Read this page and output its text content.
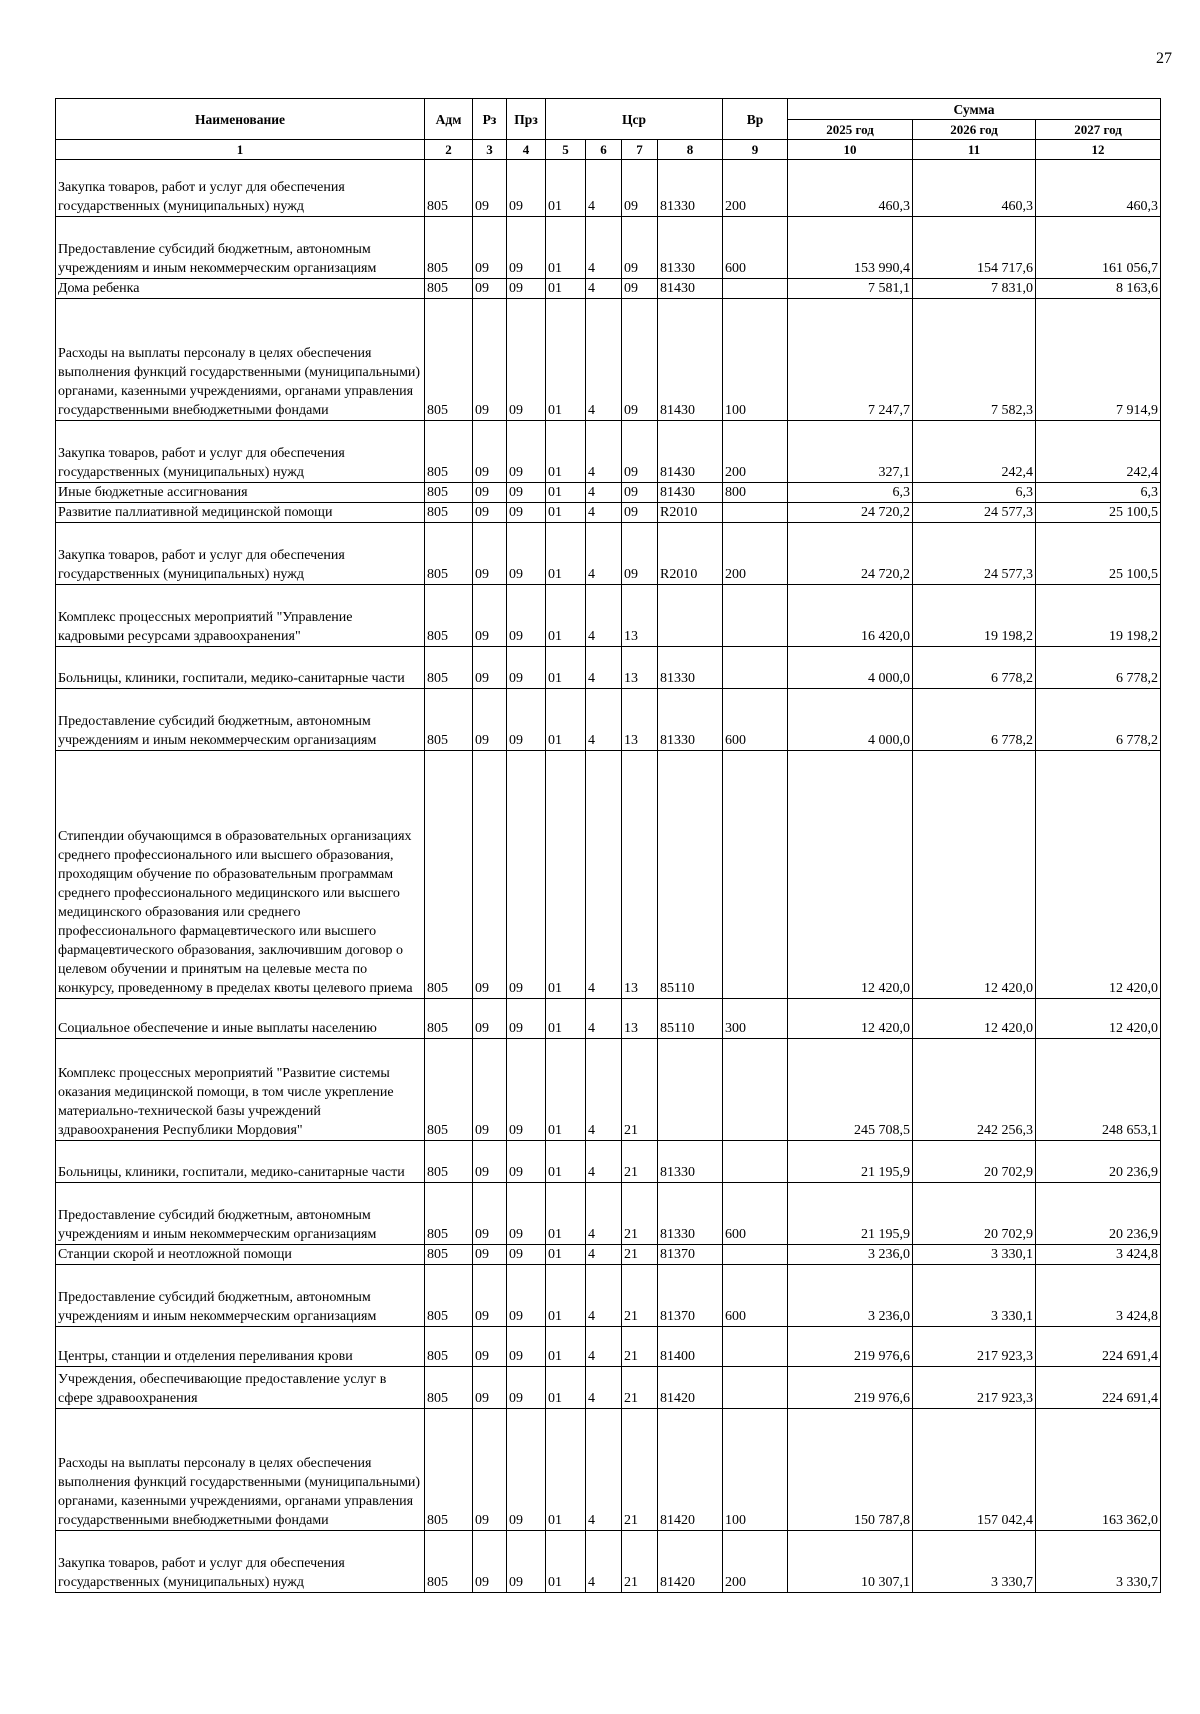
27
Наименование	Адм	Рз	Прз	Цср				Вр	Сумма		
									2025 год	2026 год	2027 год
1	2	3	4	5	6	7	8	9	10	11	12
Закупка товаров, работ и услуг для обеспечения государственных (муниципальных) нужд	805	09	09	01	4	09	81330	200	460,3	460,3	460,3
Предоставление субсидий бюджетным, автономным учреждениям и иным некоммерческим организациям	805	09	09	01	4	09	81330	600	153 990,4	154 717,6	161 056,7
Дома ребенка	805	09	09	01	4	09	81430		7 581,1	7 831,0	8 163,6
Расходы на выплаты персоналу в целях обеспечения выполнения функций государственными (муниципальными) органами, казенными учреждениями, органами управления государственными внебюджетными фондами	805	09	09	01	4	09	81430	100	7 247,7	7 582,3	7 914,9
Закупка товаров, работ и услуг для обеспечения государственных (муниципальных) нужд	805	09	09	01	4	09	81430	200	327,1	242,4	242,4
Иные бюджетные ассигнования	805	09	09	01	4	09	81430	800	6,3	6,3	6,3
Развитие паллиативной медицинской помощи	805	09	09	01	4	09	R2010		24 720,2	24 577,3	25 100,5
Закупка товаров, работ и услуг для обеспечения государственных (муниципальных) нужд	805	09	09	01	4	09	R2010	200	24 720,2	24 577,3	25 100,5
Комплекс процессных мероприятий "Управление кадровыми ресурсами здравоохранения"	805	09	09	01	4	13			16 420,0	19 198,2	19 198,2
Больницы, клиники, госпитали, медико-санитарные части	805	09	09	01	4	13	81330		4 000,0	6 778,2	6 778,2
Предоставление субсидий бюджетным, автономным учреждениям и иным некоммерческим организациям	805	09	09	01	4	13	81330	600	4 000,0	6 778,2	6 778,2
Стипендии обучающимся в образовательных организациях среднего профессионального или высшего образования, проходящим обучение по образовательным программам среднего профессионального медицинского или высшего медицинского образования или среднего профессионального фармацевтического или высшего фармацевтического образования, заключившим договор о целевом обучении и принятым на целевые места по конкурсу, проведенному в пределах квоты целевого приема	805	09	09	01	4	13	85110		12 420,0	12 420,0	12 420,0
Социальное обеспечение и иные выплаты населению	805	09	09	01	4	13	85110	300	12 420,0	12 420,0	12 420,0
Комплекс процессных мероприятий "Развитие системы оказания медицинской помощи, в том числе укрепление материально-технической базы учреждений здравоохранения Республики Мордовия"	805	09	09	01	4	21			245 708,5	242 256,3	248 653,1
Больницы, клиники, госпитали, медико-санитарные части	805	09	09	01	4	21	81330		21 195,9	20 702,9	20 236,9
Предоставление субсидий бюджетным, автономным учреждениям и иным некоммерческим организациям	805	09	09	01	4	21	81330	600	21 195,9	20 702,9	20 236,9
Станции скорой и неотложной помощи	805	09	09	01	4	21	81370		3 236,0	3 330,1	3 424,8
Предоставление субсидий бюджетным, автономным учреждениям и иным некоммерческим организациям	805	09	09	01	4	21	81370	600	3 236,0	3 330,1	3 424,8
Центры, станции и отделения переливания крови	805	09	09	01	4	21	81400		219 976,6	217 923,3	224 691,4
Учреждения, обеспечивающие предоставление услуг в сфере здравоохранения	805	09	09	01	4	21	81420		219 976,6	217 923,3	224 691,4
Расходы на выплаты персоналу в целях обеспечения выполнения функций государственными (муниципальными) органами, казенными учреждениями, органами управления государственными внебюджетными фондами	805	09	09	01	4	21	81420	100	150 787,8	157 042,4	163 362,0
Закупка товаров, работ и услуг для обеспечения государственных (муниципальных) нужд	805	09	09	01	4	21	81420	200	10 307,1	3 330,7	3 330,7
